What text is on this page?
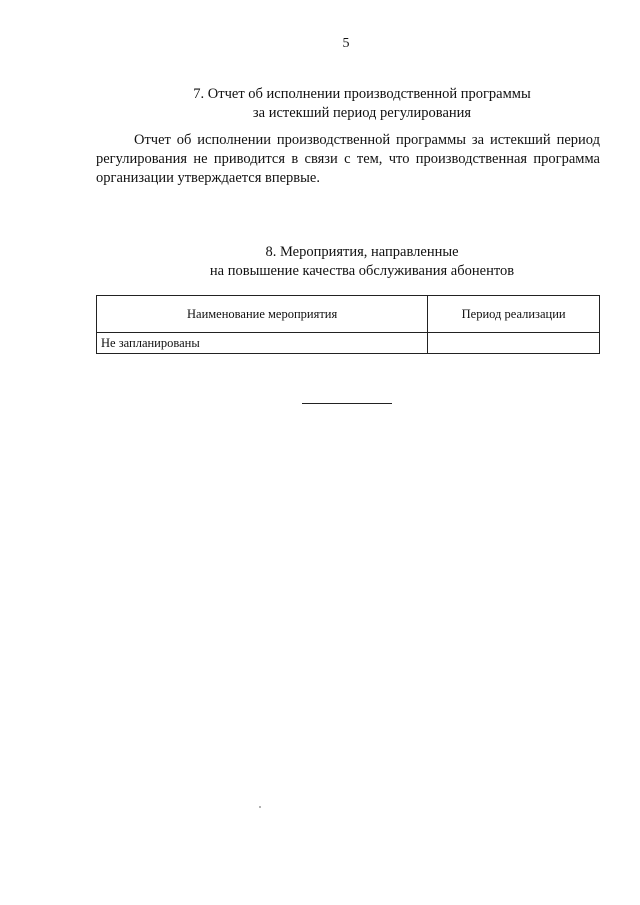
5
7. Отчет об исполнении производственной программы
за истекший период регулирования

Отчет об исполнении производственной программы за истекший период регулирования не приводится в связи с тем, что производственная программа организации утверждается впервые.

8. Мероприятия, направленные
на повышение качества обслуживания абонентов
Наименование мероприятия	Период реализации
Не запланированы	
